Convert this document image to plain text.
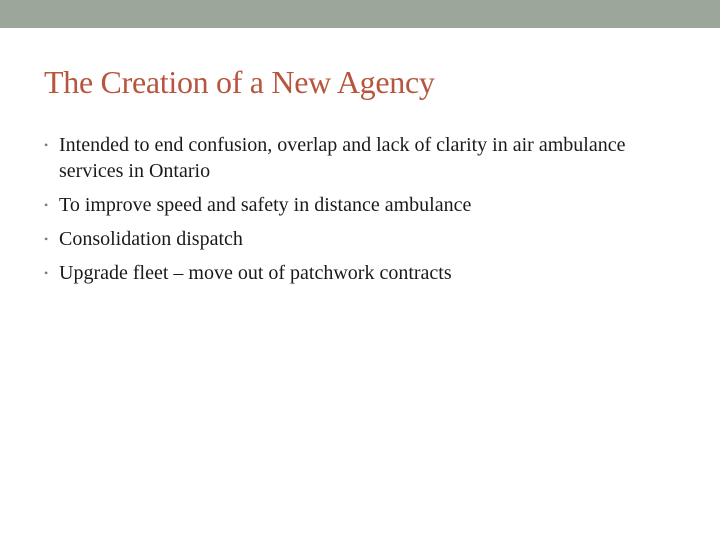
The Creation of a New Agency
• Intended to end confusion, overlap and lack of clarity in air ambulance services in Ontario
• To improve speed and safety in distance ambulance
• Consolidation dispatch
• Upgrade fleet – move out of patchwork contracts
